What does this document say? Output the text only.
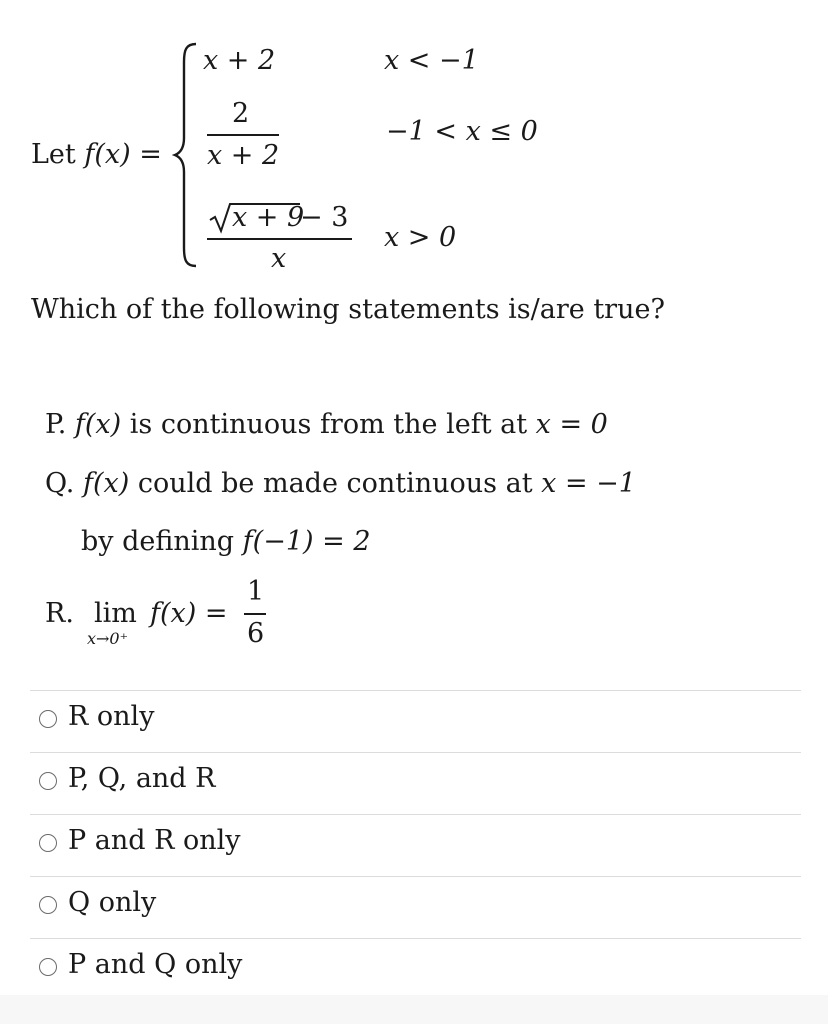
Let f(x) =
x + 2	x < −1
2
x + 2
−1 < x ≤ 0
x + 9
− 3
x
x > 0
Which of the following statements is/are true?
P. f(x) is continuous from the left at x = 0
Q. f(x) could be made continuous at x = −1
by defining f(−1) = 2
R. lim
x→0⁺
f(x) =
1
6
R only
P, Q, and R
P and R only
Q only
P and Q only
